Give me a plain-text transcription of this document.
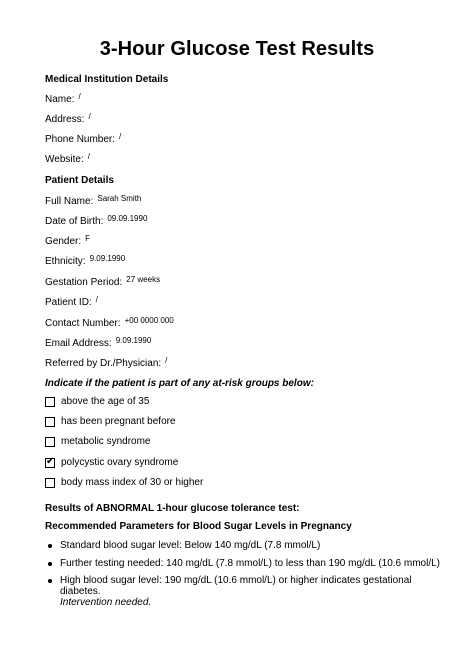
3-Hour Glucose Test Results
Medical Institution Details
Name: /
Address: /
Phone Number: /
Website: /
Patient Details
Full Name: $^{Sarah Smith}$
Date of Birth: $^{09.09.1990}$
Gender: $^F$
Ethnicity: $^{9.09.1990}$
Gestation Period: $^{27 weeks}$
Patient ID: /
Contact Number: $^{+00 0000 000}$
Email Address: $^{9.09.1990}$
Referred by Dr./Physician: /
Indicate if the patient is part of any at-risk groups below:
above the age of 35
has been pregnant before
metabolic syndrome
✔
polycystic ovary syndrome
body mass index of 30 or higher
Results of ABNORMAL 1-hour glucose tolerance test:
Recommended Parameters for Blood Sugar Levels in Pregnancy
Standard blood sugar level: Below 140 mg/dL (7.8 mmol/L)
Further testing needed: 140 mg/dL (7.8 mmol/L) to less than 190 mg/dL (10.6 mmol/L)
High blood sugar level: 190 mg/dL (10.6 mmol/L) or higher indicates gestational diabetes.
Intervention needed.
